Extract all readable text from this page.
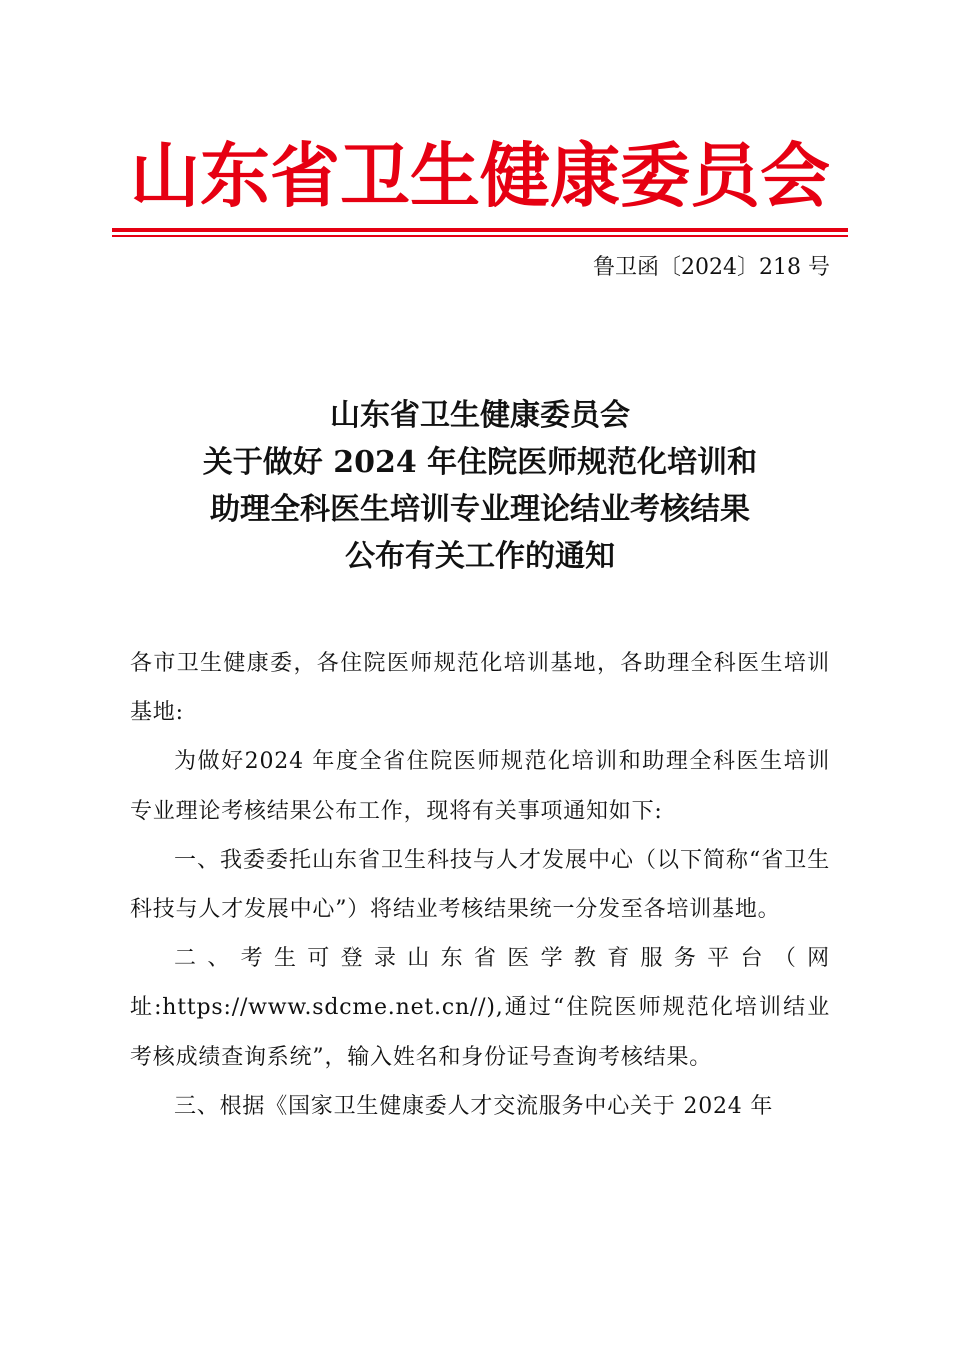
山东省卫生健康委员会
鲁卫函〔2024〕218 号
山东省卫生健康委员会
关于做好 2024 年住院医师规范化培训和
助理全科医生培训专业理论结业考核结果
公布有关工作的通知

各市卫生健康委，各住院医师规范化培训基地，各助理全科医生培训基地:

为做好2024 年度全省住院医师规范化培训和助理全科医生培训专业理论考核结果公布工作，现将有关事项通知如下:

一、我委委托山东省卫生科技与人才发展中心（以下简称“省卫生科技与人才发展中心”）将结业考核结果统一分发至各培训基地。

二、考生可登录山东省医学教育服务平台（网址:https://www.sdcme.net.cn//),通过“住院医师规范化培训结业考核成绩查询系统”，输入姓名和身份证号查询考核结果。

三、根据《国家卫生健康委人才交流服务中心关于 2024 年
